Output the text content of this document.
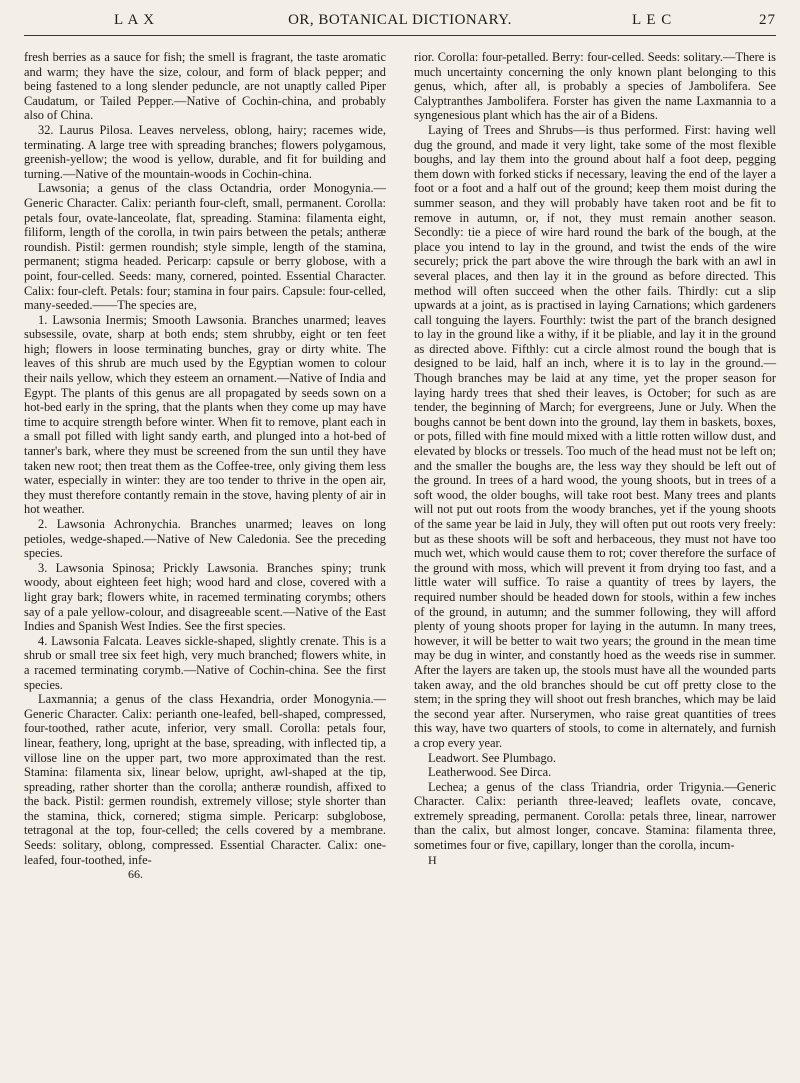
L A X	OR, BOTANICAL DICTIONARY.	L E C	27

fresh berries as a sauce for fish; the smell is fragrant, the taste aromatic and warm; they have the size, colour, and form of black pepper; and being fastened to a long slender peduncle, are not unaptly called Piper Caudatum, or Tailed Pepper.—Native of Cochin-china, and probably also of China.

32. Laurus Pilosa. Leaves nerveless, oblong, hairy; racemes wide, terminating. A large tree with spreading branches; flowers polygamous, greenish-yellow; the wood is yellow, durable, and fit for building and turning.—Native of the mountain-woods in Cochin-china.

Lawsonia; a genus of the class Octandria, order Monogynia.—Generic Character. Calix: perianth four-cleft, small, permanent. Corolla: petals four, ovate-lanceolate, flat, spreading. Stamina: filamenta eight, filiform, length of the corolla, in twin pairs between the petals; antheræ roundish. Pistil: germen roundish; style simple, length of the stamina, permanent; stigma headed. Pericarp: capsule or berry globose, with a point, four-celled. Seeds: many, cornered, pointed. Essential Character. Calix: four-cleft. Petals: four; stamina in four pairs. Capsule: four-celled, many-seeded.——The species are,

1. Lawsonia Inermis; Smooth Lawsonia. Branches unarmed; leaves subsessile, ovate, sharp at both ends; stem shrubby, eight or ten feet high; flowers in loose terminating bunches, gray or dirty white. The leaves of this shrub are much used by the Egyptian women to colour their nails yellow, which they esteem an ornament.—Native of India and Egypt. The plants of this genus are all propagated by seeds sown on a hot-bed early in the spring, that the plants when they come up may have time to acquire strength before winter. When fit to remove, plant each in a small pot filled with light sandy earth, and plunged into a hot-bed of tanner's bark, where they must be screened from the sun until they have taken new root; then treat them as the Coffee-tree, only giving them less water, especially in winter: they are too tender to thrive in the open air, they must therefore contantly remain in the stove, having plenty of air in hot weather.

2. Lawsonia Achronychia. Branches unarmed; leaves on long petioles, wedge-shaped.—Native of New Caledonia. See the preceding species.

3. Lawsonia Spinosa; Prickly Lawsonia. Branches spiny; trunk woody, about eighteen feet high; wood hard and close, covered with a light gray bark; flowers white, in racemed terminating corymbs; others say of a pale yellow-colour, and disagreeable scent.—Native of the East Indies and Spanish West Indies. See the first species.

4. Lawsonia Falcata. Leaves sickle-shaped, slightly crenate. This is a shrub or small tree six feet high, very much branched; flowers white, in a racemed terminating corymb.—Native of Cochin-china. See the first species.

Laxmannia; a genus of the class Hexandria, order Monogynia.—Generic Character. Calix: perianth one-leafed, bell-shaped, compressed, four-toothed, rather acute, inferior, very small. Corolla: petals four, linear, feathery, long, upright at the base, spreading, with inflected tip, a villose line on the upper part, two more approximated than the rest. Stamina: filamenta six, linear below, upright, awl-shaped at the tip, spreading, rather shorter than the corolla; antheræ roundish, affixed to the back. Pistil: germen roundish, extremely villose; style shorter than the stamina, thick, cornered; stigma simple. Pericarp: subglobose, tetragonal at the top, four-celled; the cells covered by a membrane. Seeds: solitary, oblong, compressed. Essential Character. Calix: one-leafed, four-toothed, infe-

66.

rior. Corolla: four-petalled. Berry: four-celled. Seeds: solitary.—There is much uncertainty concerning the only known plant belonging to this genus, which, after all, is probably a species of Jambolifera. See Calyptranthes Jambolifera. Forster has given the name Laxmannia to a syngenesious plant which has the air of a Bidens.

Laying of Trees and Shrubs—is thus performed. First: having well dug the ground, and made it very light, take some of the most flexible boughs, and lay them into the ground about half a foot deep, pegging them down with forked sticks if necessary, leaving the end of the layer a foot or a foot and a half out of the ground; keep them moist during the summer season, and they will probably have taken root and be fit to remove in autumn, or, if not, they must remain another season. Secondly: tie a piece of wire hard round the bark of the bough, at the place you intend to lay in the ground, and twist the ends of the wire securely; prick the part above the wire through the bark with an awl in several places, and then lay it in the ground as before directed. This method will often succeed when the other fails. Thirdly: cut a slip upwards at a joint, as is practised in laying Carnations; which gardeners call tonguing the layers. Fourthly: twist the part of the branch designed to lay in the ground like a withy, if it be pliable, and lay it in the ground as directed above. Fifthly: cut a circle almost round the bough that is designed to be laid, half an inch, where it is to lay in the ground.—Though branches may be laid at any time, yet the proper season for laying hardy trees that shed their leaves, is October; for such as are tender, the beginning of March; for evergreens, June or July. When the boughs cannot be bent down into the ground, lay them in baskets, boxes, or pots, filled with fine mould mixed with a little rotten willow dust, and elevated by blocks or tressels. Too much of the head must not be left on; and the smaller the boughs are, the less way they should be left out of the ground. In trees of a hard wood, the young shoots, but in trees of a soft wood, the older boughs, will take root best. Many trees and plants will not put out roots from the woody branches, yet if the young shoots of the same year be laid in July, they will often put out roots very freely: but as these shoots will be soft and herbaceous, they must not have too much wet, which would cause them to rot; cover therefore the surface of the ground with moss, which will prevent it from drying too fast, and a little water will suffice. To raise a quantity of trees by layers, the required number should be headed down for stools, within a few inches of the ground, in autumn; and the summer following, they will afford plenty of young shoots proper for laying in the autumn. In many trees, however, it will be better to wait two years; the ground in the mean time may be dug in winter, and constantly hoed as the weeds rise in summer. After the layers are taken up, the stools must have all the wounded parts taken away, and the old branches should be cut off pretty close to the stem; in the spring they will shoot out fresh branches, which may be laid the second year after. Nurserymen, who raise great quantities of trees this way, have two quarters of stools, to come in alternately, and furnish a crop every year.

Leadwort. See Plumbago.

Leatherwood. See Dirca.

Lechea; a genus of the class Triandria, order Trigynia.—Generic Character. Calix: perianth three-leaved; leaflets ovate, concave, extremely spreading, permanent. Corolla: petals three, linear, narrower than the calix, but almost longer, concave. Stamina: filamenta three, sometimes four or five, capillary, longer than the corolla, incum-

H
